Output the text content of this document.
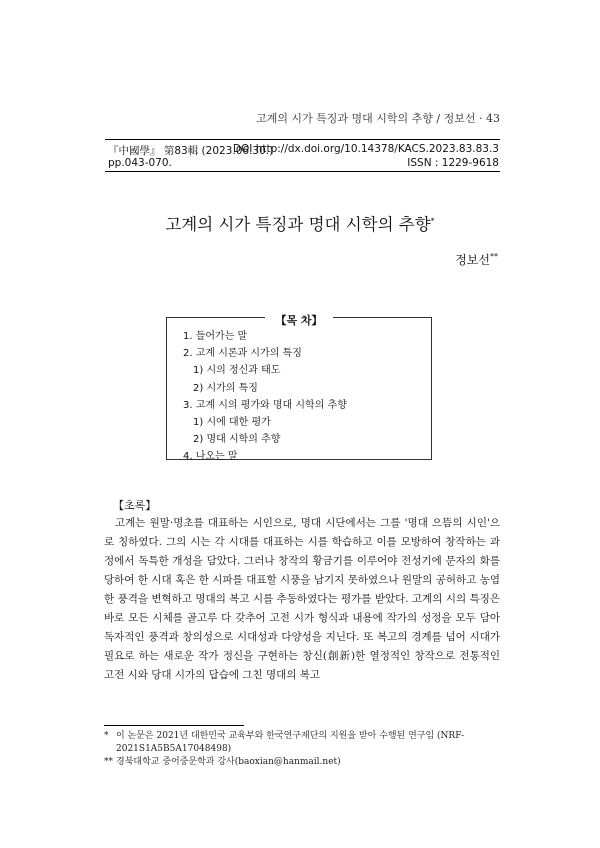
고계의 시가 특징과 명대 시학의 추향 / 정보선 · 43
『中國學』 第83輯 (2023.06.30.)
DOI http://dx.doi.org/10.14378/KACS.2023.83.83.3
pp.043-070.	ISSN : 1229-9618
고계의 시가 특징과 명대 시학의 추향*
정보선**
【목 차】
1. 들어가는 말
2. 고계 시론과 시가의 특징
1) 시의 정신과 태도
2) 시가의 특징
3. 고계 시의 평가와 명대 시학의 추향
1) 시에 대한 평가
2) 명대 시학의 추향
4. 나오는 말
【초록】

고계는 원말·명초를 대표하는 시인으로, 명대 시단에서는 그를 '명대 으뜸의 시인'으로 칭하였다. 그의 시는 각 시대를 대표하는 시를 학습하고 이를 모방하여 창작하는 과정에서 독특한 개성을 담았다. 그러나 창작의 황금기를 이루어야 전성기에 문자의 화를 당하여 한 시대 혹은 한 시파를 대표할 시풍을 남기지 못하였으나 원말의 공허하고 농염한 풍격을 변혁하고 명대의 복고 시를 추동하였다는 평가를 받았다. 고계의 시의 특징은 바로 모든 시체를 골고루 다 갖추어 고전 시가 형식과 내용에 작가의 성정을 모두 담아 독자적인 풍격과 창의성으로 시대성과 다양성을 지닌다. 또 복고의 경계를 넘어 시대가 필요로 하는 새로운 작가 정신을 구현하는 창신(創新)한 열정적인 창작으로 전통적인 고전 시와 당대 시가의 답습에 그친 명대의 복고

* 이 논문은 2021년 대한민국 교육부와 한국연구재단의 지원을 받아 수행된 연구임 (NRF-2021S1A5B5A17048498)
** 경북대학교 중어중문학과 강사(baoxian@hanmail.net)
